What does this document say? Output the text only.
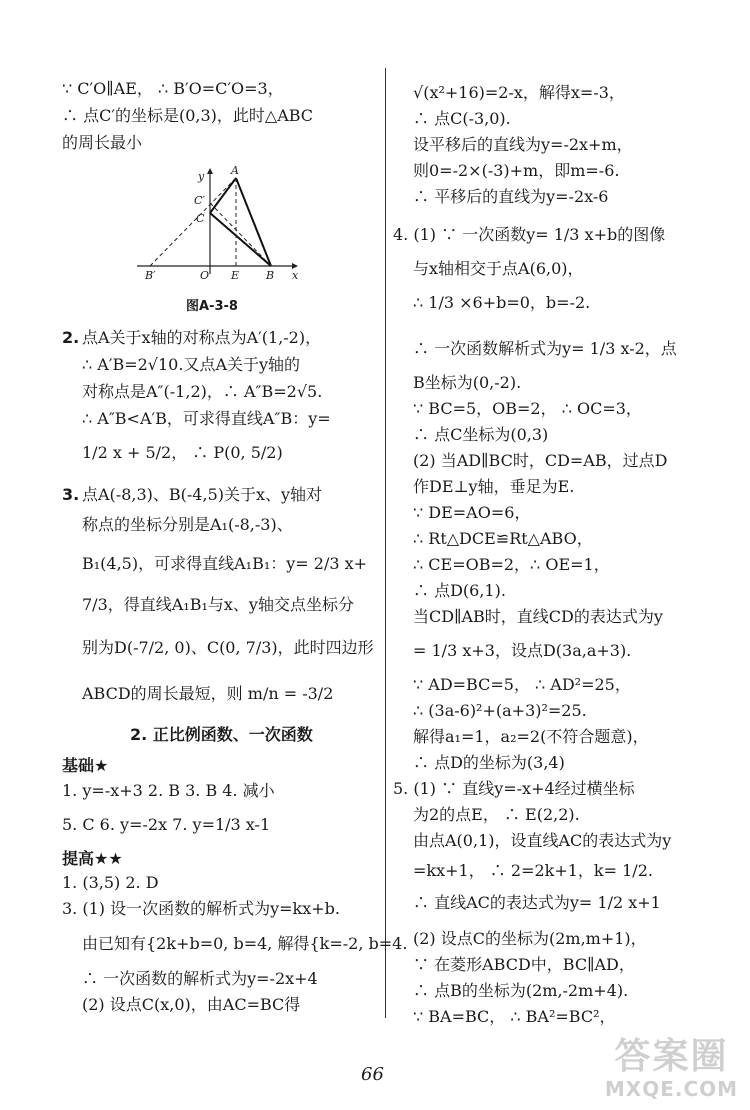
∵ C′O∥AE， ∴ B′O=C′O=3，
∴ 点C′的坐标是(0,3)，此时△ABC
的周长最小
y
x
A
C′
C
B′	O E B
图A-3-8
2. 点A关于x轴的对称点为A′(1,-2)，
∴ A′B=2√10.又点A关于y轴的
对称点是A″(-1,2)，∴ A″B=2√5.
∴ A″B<A′B，可求得直线A″B：y=
1/2 x + 5/2， ∴ P(0, 5/2)
3. 点A(-8,3)、B(-4,5)关于x、y轴对
称点的坐标分别是A₁(-8,-3)、
B₁(4,5)，可求得直线A₁B₁：y= 2/3 x+
7/3，得直线A₁B₁与x、y轴交点坐标分
别为D(-7/2, 0)、C(0, 7/3)，此时四边形
ABCD的周长最短，则 m/n = -3/2
2. 正比例函数、一次函数
基础★
1. y=-x+3 2. B 3. B 4. 减小
5. C 6. y=-2x 7. y=1/3 x-1
提高★★
1. (3,5) 2. D
3. (1) 设一次函数的解析式为y=kx+b.
由已知有{2k+b=0, b=4, 解得{k=-2, b=4.
∴ 一次函数的解析式为y=-2x+4
(2) 设点C(x,0)，由AC=BC得
√(x²+16)=2-x，解得x=-3，
∴ 点C(-3,0).
设平移后的直线为y=-2x+m，
则0=-2×(-3)+m，即m=-6.
∴ 平移后的直线为y=-2x-6
4. (1) ∵ 一次函数y= 1/3 x+b的图像
与x轴相交于点A(6,0)，
∴ 1/3 ×6+b=0，b=-2.
∴ 一次函数解析式为y= 1/3 x-2，点
B坐标为(0,-2).
∵ BC=5，OB=2， ∴ OC=3，
∴ 点C坐标为(0,3)
(2) 当AD∥BC时，CD=AB，过点D
作DE⊥y轴，垂足为E.
∵ DE=AO=6，
∴ Rt△DCE≌Rt△ABO，
∴ CE=OB=2，∴ OE=1，
∴ 点D(6,1).
当CD∥AB时，直线CD的表达式为y
= 1/3 x+3，设点D(3a,a+3).
∵ AD=BC=5， ∴ AD²=25，
∴ (3a-6)²+(a+3)²=25.
解得a₁=1，a₂=2(不符合题意)，
∴ 点D的坐标为(3,4)
5. (1) ∵ 直线y=-x+4经过横坐标
为2的点E， ∴ E(2,2).
由点A(0,1)，设直线AC的表达式为y
=kx+1， ∴ 2=2k+1，k= 1/2.
∴ 直线AC的表达式为y= 1/2 x+1
(2) 设点C的坐标为(2m,m+1)，
∵ 在菱形ABCD中，BC∥AD，
∴ 点B的坐标为(2m,-2m+4).
∵ BA=BC， ∴ BA²=BC²，
66	答案圈
MXQE.COM
